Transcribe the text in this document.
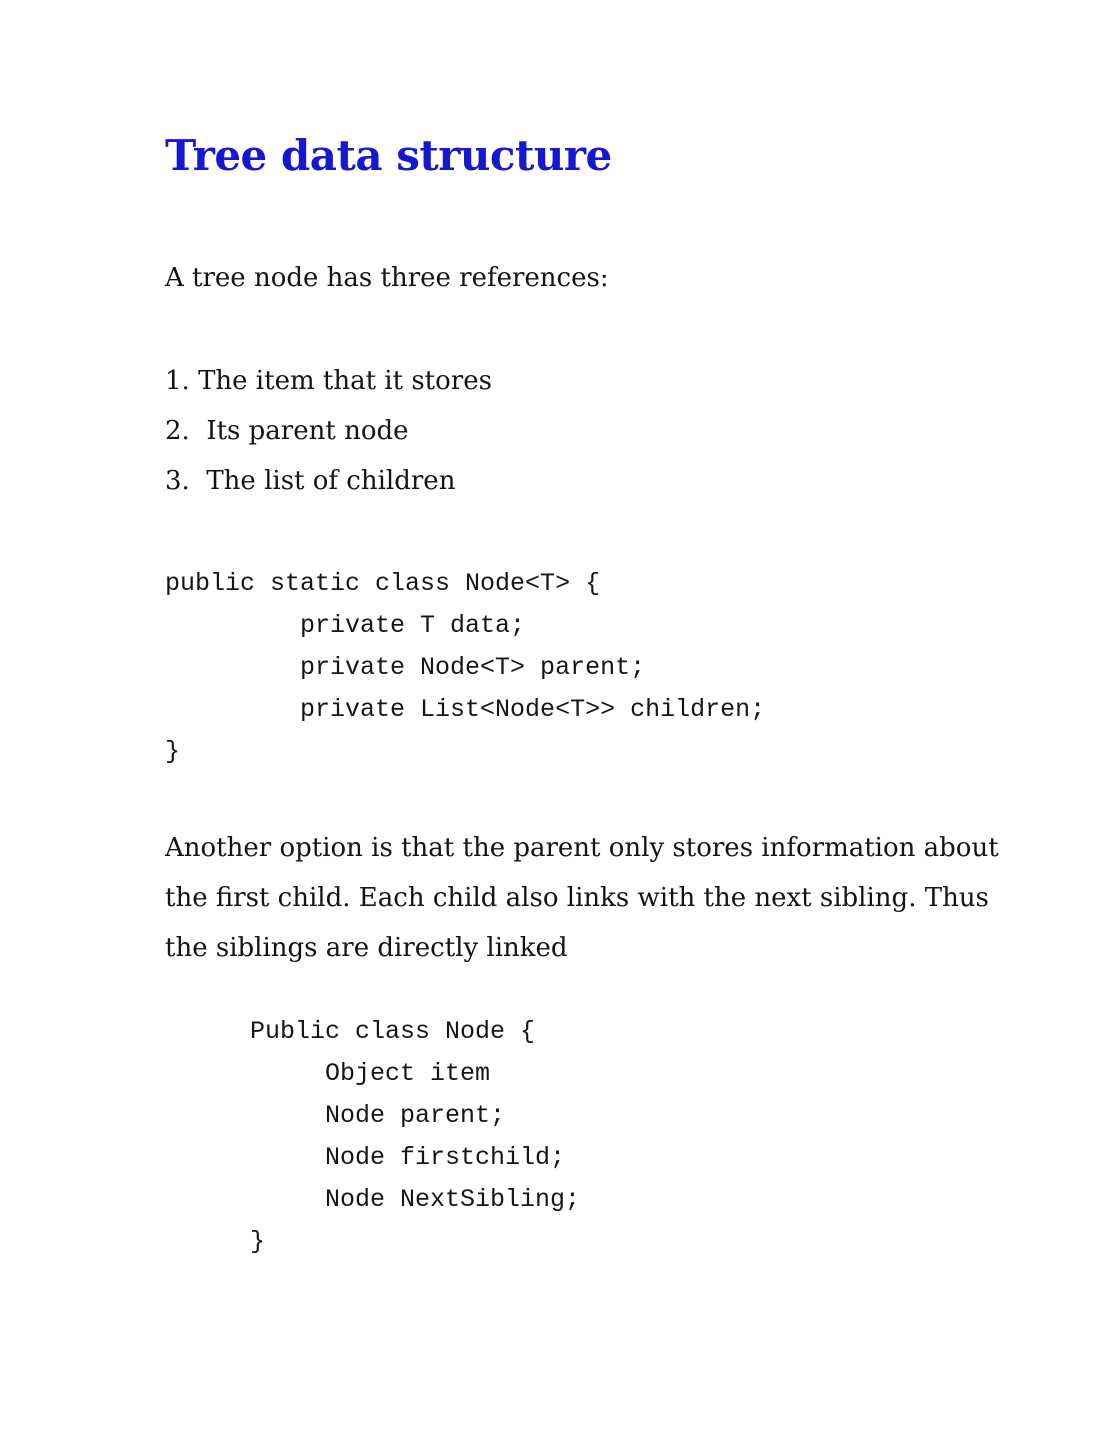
Tree data structure
A tree node has three references:
1. The item that it stores
2.  Its parent node
3.  The list of children
public static class Node<T> {
private T data;
private Node<T> parent;
private List<Node<T>> children;
}
Another option is that the parent only stores information about
the first child. Each child also links with the next sibling. Thus
the siblings are directly linked
Public class Node {
Object item
Node parent;
Node firstchild;
Node NextSibling;
}
